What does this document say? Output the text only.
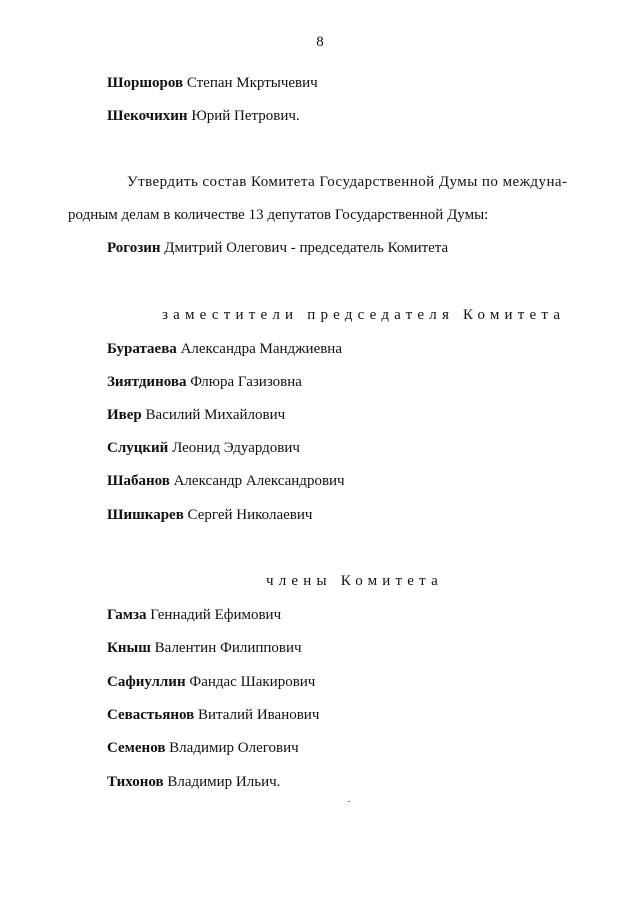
8
Шоршоров Степан Мкртычевич
Шекочихин Юрий Петрович.
Утвердить состав Комитета Государственной Думы по междуна-
родным делам в количестве 13 депутатов Государственной Думы:
Рогозин Дмитрий Олегович - председатель Комитета
заместители председателя Комитета
Буратаева Александра Манджиевна
Зиятдинова Флюра Газизовна
Ивер Василий Михайлович
Слуцкий Леонид Эдуардович
Шабанов Александр Александрович
Шишкарев Сергей Николаевич
члены Комитета
Гамза Геннадий Ефимович
Кныш Валентин Филиппович
Сафиуллин Фандас Шакирович
Севастьянов Виталий Иванович
Семенов Владимир Олегович
Тихонов Владимир Ильич.
